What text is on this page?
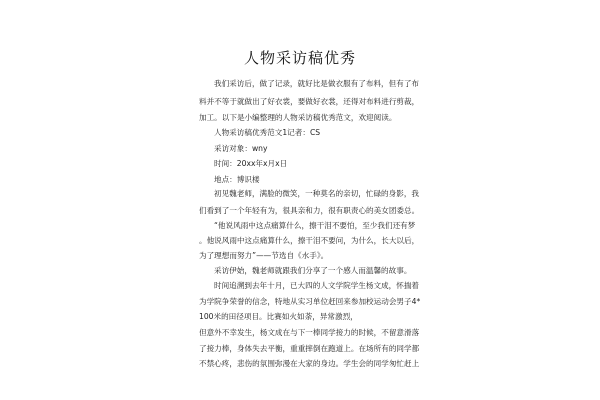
人物采访稿优秀
我们采访后，做了记录，就好比是做衣服有了布料，但有了布
料并不等于就做出了好衣裳，要做好衣裳，还得对布料进行剪裁，
加工。以下是小编整理的人物采访稿优秀范文，欢迎阅读。
人物采访稿优秀范文1记者：CS
采访对象：wny
时间：20xx年x月x日
地点：博识楼
初见魏老师，满脸的微笑，一种莫名的亲切，忙碌的身影，我
们看到了一个年轻有为，很具亲和力，很有职责心的美女团委总。
“他说风雨中这点痛算什么，擦干泪不要怕，至少我们还有梦
。他说风雨中这点痛算什么，擦干泪不要问，为什么，长大以后，
为了理想而努力”——节选自《水手》。
采访伊始，魏老师就跟我们分享了一个感人而温馨的故事。
时间追溯到去年十月，已大四的人文学院学生杨文成，怀揣着
为学院争荣誉的信念，特地从实习单位赶回来参加校运动会男子4*
100米的田径项目。比赛如火如荼，异常激烈，
但意外不幸发生，杨文成在与下一棒同学接力的时候，不留意滑落
了接力棒，身体失去平衡，重重摔倒在跑道上。在场所有的同学都
不禁心疼，悲伤的氛围弥漫在大家的身边。学生会的同学匆忙赶上
